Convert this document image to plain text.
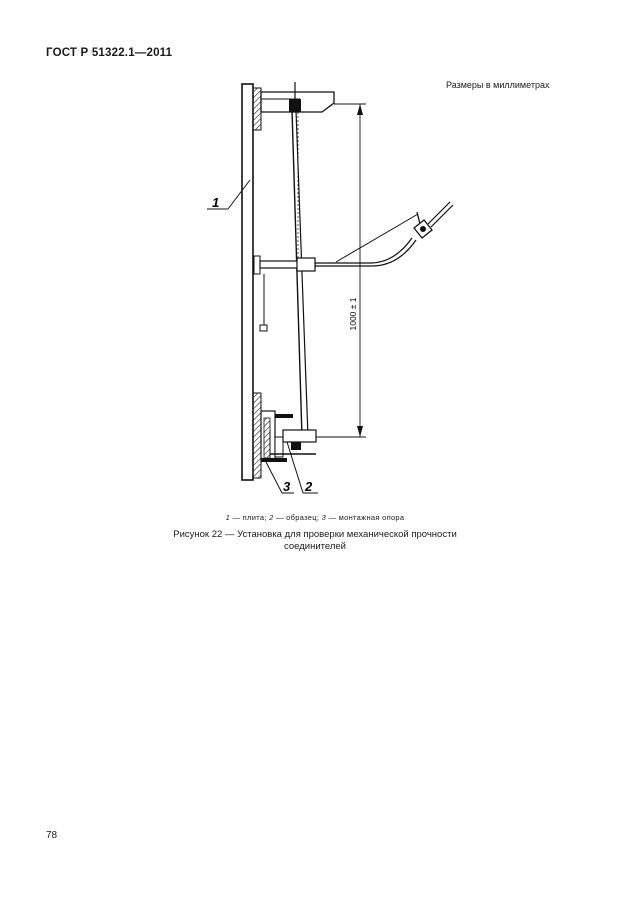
ГОСТ Р 51322.1—2011
Размеры в миллиметрах
1000 ± 1
1
3 2
1 — плита; 2 — образец; 3 — монтажная опора
Рисунок 22 — Установка для проверки механической прочности
соединителей
78
